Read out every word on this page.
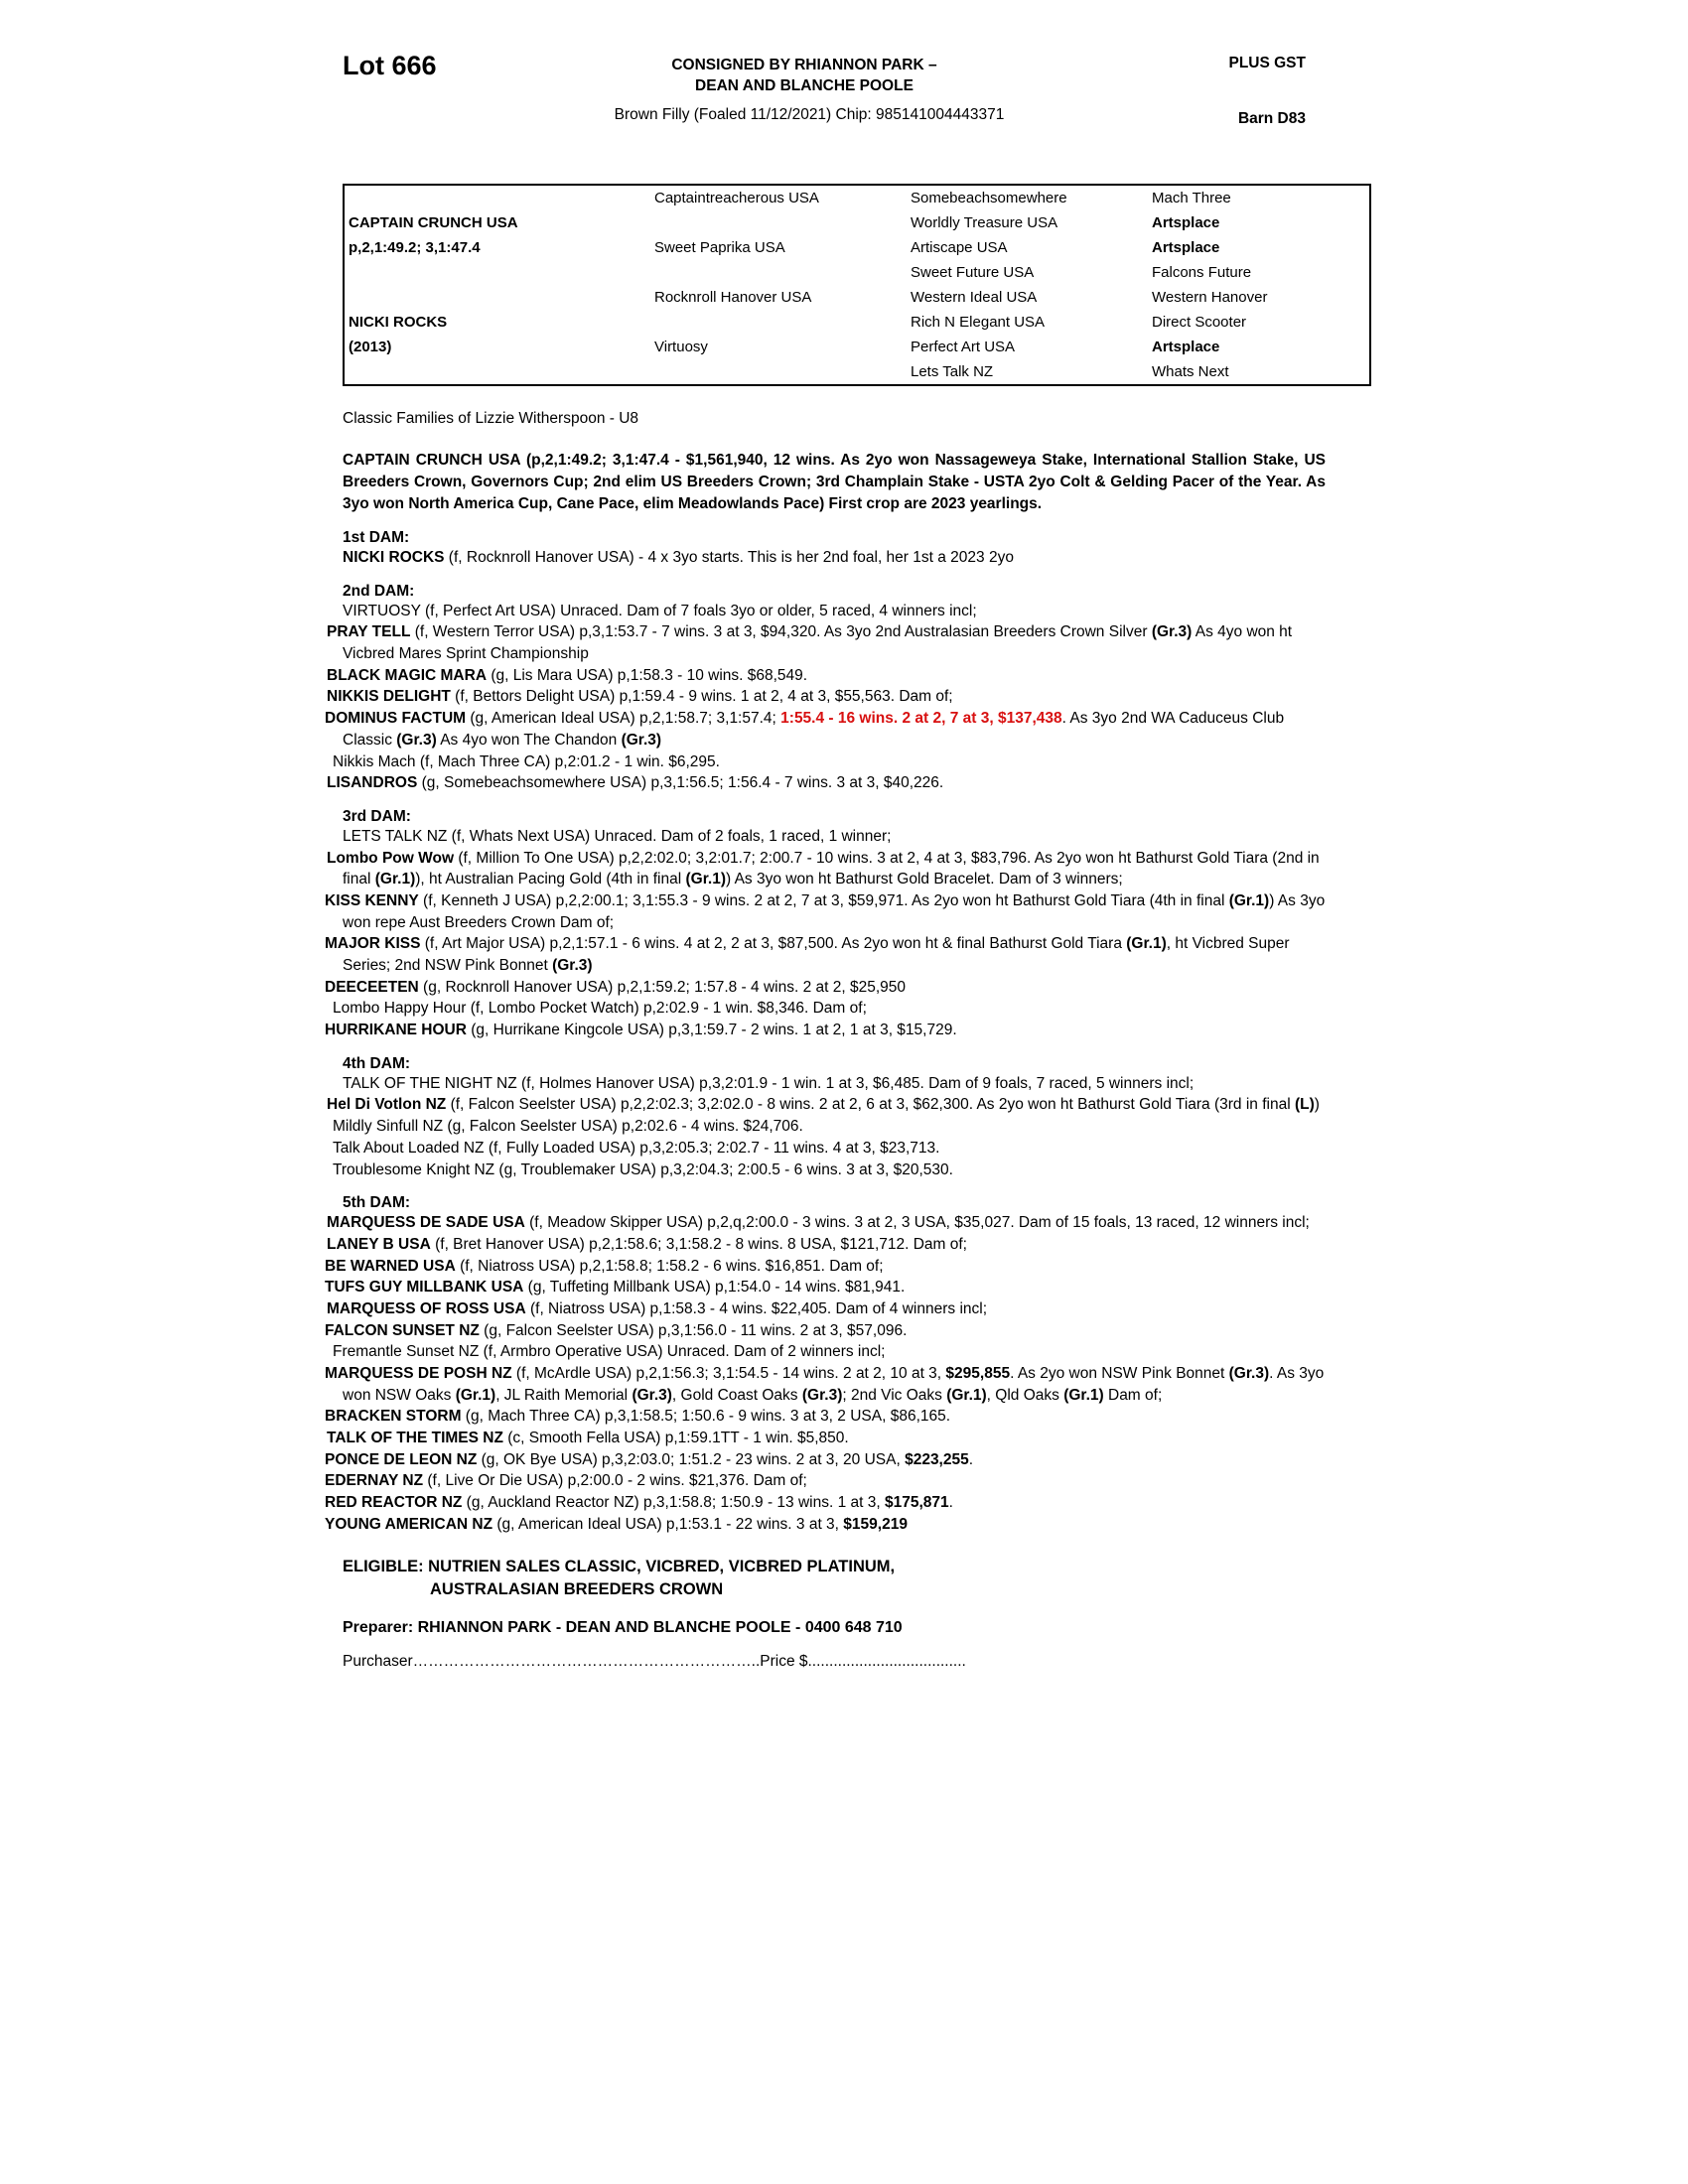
Lot 666	CONSIGNED BY RHIANNON PARK –
DEAN AND BLANCHE POOLE
PLUS GST
Barn D83
Brown Filly (Foaled 11/12/2021) Chip: 985141004443371
	Captaintreacherous USA	Somebeachsomewhere	Mach Three
CAPTAIN CRUNCH USA		Worldly Treasure USA	Artsplace
p,2,1:49.2; 3,1:47.4	Sweet Paprika USA	Artiscape USA	Artsplace
		Sweet Future USA	Falcons Future
	Rocknroll Hanover USA	Western Ideal USA	Western Hanover
NICKI ROCKS		Rich N Elegant USA	Direct Scooter
(2013)	Virtuosy	Perfect Art USA	Artsplace
		Lets Talk NZ	Whats Next
Classic Families of Lizzie Witherspoon - U8
CAPTAIN CRUNCH USA (p,2,1:49.2; 3,1:47.4 - $1,561,940, 12 wins. As 2yo won Nassageweya Stake, International Stallion Stake, US Breeders Crown, Governors Cup; 2nd elim US Breeders Crown; 3rd Champlain Stake - USTA 2yo Colt & Gelding Pacer of the Year. As 3yo won North America Cup, Cane Pace, elim Meadowlands Pace) First crop are 2023 yearlings.
1st DAM:

NICKI ROCKS (f, Rocknroll Hanover USA) - 4 x 3yo starts. This is her 2nd foal, her 1st a 2023 2yo

2nd DAM:

VIRTUOSY (f, Perfect Art USA) Unraced. Dam of 7 foals 3yo or older, 5 raced, 4 winners incl;

PRAY TELL (f, Western Terror USA) p,3,1:53.7 - 7 wins. 3 at 3, $94,320. As 3yo 2nd Australasian Breeders Crown Silver (Gr.3) As 4yo won ht Vicbred Mares Sprint Championship

BLACK MAGIC MARA (g, Lis Mara USA) p,1:58.3 - 10 wins. $68,549.

NIKKIS DELIGHT (f, Bettors Delight USA) p,1:59.4 - 9 wins. 1 at 2, 4 at 3, $55,563. Dam of;

DOMINUS FACTUM (g, American Ideal USA) p,2,1:58.7; 3,1:57.4; 1:55.4 - 16 wins. 2 at 2, 7 at 3, $137,438. As 3yo 2nd WA Caduceus Club Classic (Gr.3) As 4yo won The Chandon (Gr.3)

Nikkis Mach (f, Mach Three CA) p,2:01.2 - 1 win. $6,295.

LISANDROS (g, Somebeachsomewhere USA) p,3,1:56.5; 1:56.4 - 7 wins. 3 at 3, $40,226.

3rd DAM:

LETS TALK NZ (f, Whats Next USA) Unraced. Dam of 2 foals, 1 raced, 1 winner;

Lombo Pow Wow (f, Million To One USA) p,2,2:02.0; 3,2:01.7; 2:00.7 - 10 wins. 3 at 2, 4 at 3, $83,796. As 2yo won ht Bathurst Gold Tiara (2nd in final (Gr.1)), ht Australian Pacing Gold (4th in final (Gr.1)) As 3yo won ht Bathurst Gold Bracelet. Dam of 3 winners;

KISS KENNY (f, Kenneth J USA) p,2,2:00.1; 3,1:55.3 - 9 wins. 2 at 2, 7 at 3, $59,971. As 2yo won ht Bathurst Gold Tiara (4th in final (Gr.1)) As 3yo won repe Aust Breeders Crown Dam of;

MAJOR KISS (f, Art Major USA) p,2,1:57.1 - 6 wins. 4 at 2, 2 at 3, $87,500. As 2yo won ht & final Bathurst Gold Tiara (Gr.1), ht Vicbred Super Series; 2nd NSW Pink Bonnet (Gr.3)

DEECEETEN (g, Rocknroll Hanover USA) p,2,1:59.2; 1:57.8 - 4 wins. 2 at 2, $25,950

Lombo Happy Hour (f, Lombo Pocket Watch) p,2:02.9 - 1 win. $8,346. Dam of;

HURRIKANE HOUR (g, Hurrikane Kingcole USA) p,3,1:59.7 - 2 wins. 1 at 2, 1 at 3, $15,729.

4th DAM:

TALK OF THE NIGHT NZ (f, Holmes Hanover USA) p,3,2:01.9 - 1 win. 1 at 3, $6,485. Dam of 9 foals, 7 raced, 5 winners incl;

Hel Di Votlon NZ (f, Falcon Seelster USA) p,2,2:02.3; 3,2:02.0 - 8 wins. 2 at 2, 6 at 3, $62,300. As 2yo won ht Bathurst Gold Tiara (3rd in final (L))

Mildly Sinfull NZ (g, Falcon Seelster USA) p,2:02.6 - 4 wins. $24,706.

Talk About Loaded NZ (f, Fully Loaded USA) p,3,2:05.3; 2:02.7 - 11 wins. 4 at 3, $23,713.

Troublesome Knight NZ (g, Troublemaker USA) p,3,2:04.3; 2:00.5 - 6 wins. 3 at 3, $20,530.

5th DAM:

MARQUESS DE SADE USA (f, Meadow Skipper USA) p,2,q,2:00.0 - 3 wins. 3 at 2, 3 USA, $35,027. Dam of 15 foals, 13 raced, 12 winners incl;

LANEY B USA (f, Bret Hanover USA) p,2,1:58.6; 3,1:58.2 - 8 wins. 8 USA, $121,712. Dam of;

BE WARNED USA (f, Niatross USA) p,2,1:58.8; 1:58.2 - 6 wins. $16,851. Dam of;

TUFS GUY MILLBANK USA (g, Tuffeting Millbank USA) p,1:54.0 - 14 wins. $81,941.

MARQUESS OF ROSS USA (f, Niatross USA) p,1:58.3 - 4 wins. $22,405. Dam of 4 winners incl;

FALCON SUNSET NZ (g, Falcon Seelster USA) p,3,1:56.0 - 11 wins. 2 at 3, $57,096.

Fremantle Sunset NZ (f, Armbro Operative USA) Unraced. Dam of 2 winners incl;

MARQUESS DE POSH NZ (f, McArdle USA) p,2,1:56.3; 3,1:54.5 - 14 wins. 2 at 2, 10 at 3, $295,855. As 2yo won NSW Pink Bonnet (Gr.3). As 3yo won NSW Oaks (Gr.1), JL Raith Memorial (Gr.3), Gold Coast Oaks (Gr.3); 2nd Vic Oaks (Gr.1), Qld Oaks (Gr.1) Dam of;

BRACKEN STORM (g, Mach Three CA) p,3,1:58.5; 1:50.6 - 9 wins. 3 at 3, 2 USA, $86,165.

TALK OF THE TIMES NZ (c, Smooth Fella USA) p,1:59.1TT - 1 win. $5,850.

PONCE DE LEON NZ (g, OK Bye USA) p,3,2:03.0; 1:51.2 - 23 wins. 2 at 3, 20 USA, $223,255.

EDERNAY NZ (f, Live Or Die USA) p,2:00.0 - 2 wins. $21,376. Dam of;

RED REACTOR NZ (g, Auckland Reactor NZ) p,3,1:58.8; 1:50.9 - 13 wins. 1 at 3, $175,871.

YOUNG AMERICAN NZ (g, American Ideal USA) p,1:53.1 - 22 wins. 3 at 3, $159,219

ELIGIBLE: NUTRIEN SALES CLASSIC, VICBRED, VICBRED PLATINUM,
AUSTRALASIAN BREEDERS CROWN
Preparer: RHIANNON PARK - DEAN AND BLANCHE POOLE - 0400 648 710
Purchaser…………………………………………………………..Price $.....................................
